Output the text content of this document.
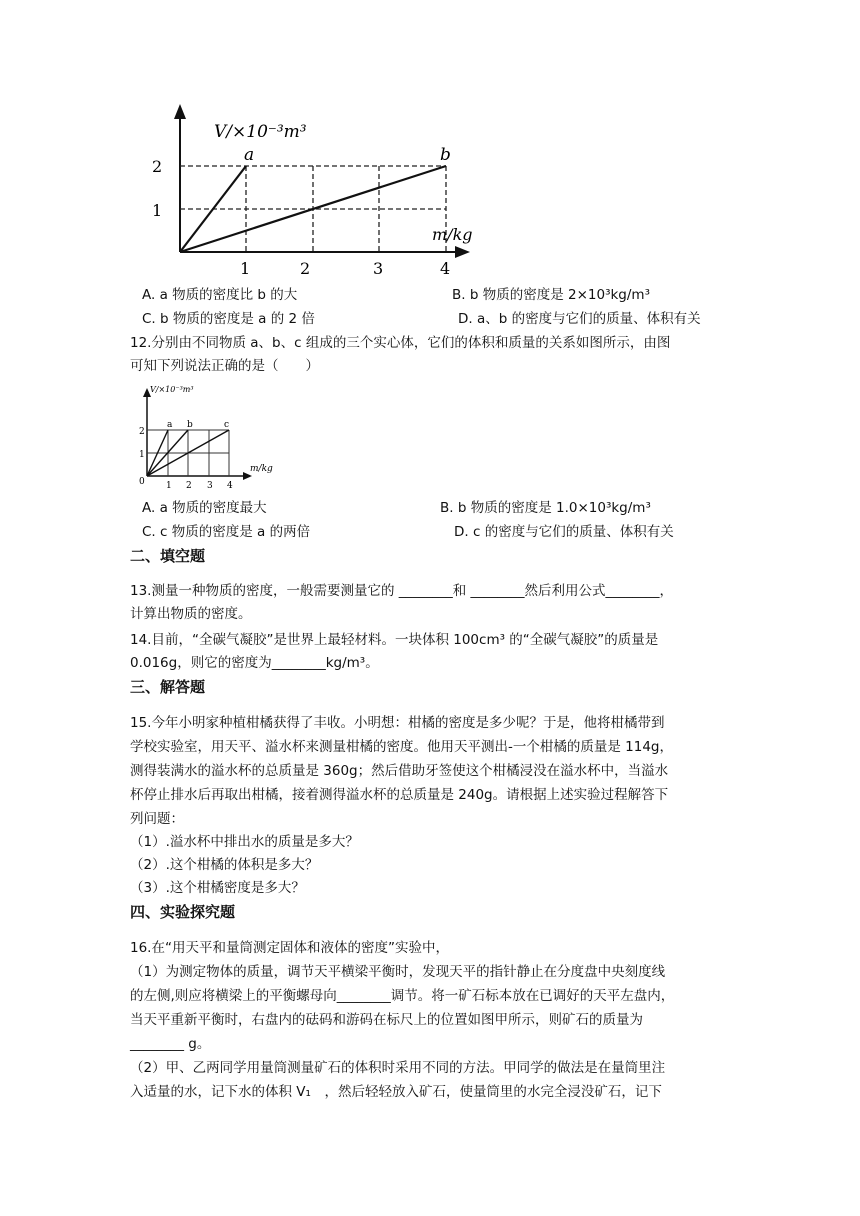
V/×10⁻³m³
m/kg
2
1
1	2	3	4
a	b
A. a 物质的密度比 b 的大	B. b 物质的密度是 2×10³kg/m³
C. b 物质的密度是 a 的 2 倍	D. a、b 的密度与它们的质量、体积有关
12.分别由不同物质 a、b、c 组成的三个实心体，它们的体积和质量的关系如图所示，由图
可知下列说法正确的是（　　）
V/×10⁻³m³
m/kg
2
1
0 1 2 3 4
a b	c
A. a 物质的密度最大	B. b 物质的密度是 1.0×10³kg/m³
C. c 物质的密度是 a 的两倍	D. c 的密度与它们的质量、体积有关
二、填空题
13.测量一种物质的密度，一般需要测量它的 ________和 ________然后利用公式________，
计算出物质的密度。
14.目前，“全碳气凝胶”是世界上最轻材料。一块体积 100cm³ 的“全碳气凝胶”的质量是
0.016g，则它的密度为________kg/m³。
三、解答题
15.今年小明家种植柑橘获得了丰收。小明想：柑橘的密度是多少呢？于是，他将柑橘带到
学校实验室，用天平、溢水杯来测量柑橘的密度。他用天平测出-一个柑橘的质量是 114g，
测得装满水的溢水杯的总质量是 360g；然后借助牙签使这个柑橘浸没在溢水杯中，当溢水
杯停止排水后再取出柑橘，接着测得溢水杯的总质量是 240g。请根据上述实验过程解答下
列问题：
（1）.溢水杯中排出水的质量是多大？
（2）.这个柑橘的体积是多大？
（3）.这个柑橘密度是多大？
四、实验探究题
16.在“用天平和量筒测定固体和液体的密度”实验中，
（1）为测定物体的质量，调节天平横梁平衡时，发现天平的指针静止在分度盘中央刻度线
的左侧,则应将横梁上的平衡螺母向________调节。将一矿石标本放在已调好的天平左盘内，
当天平重新平衡时，右盘内的砝码和游码在标尺上的位置如图甲所示，则矿石的质量为
________ g。
（2）甲、乙两同学用量筒测量矿石的体积时采用不同的方法。甲同学的做法是在量筒里注
入适量的水，记下水的体积 V₁　，然后轻轻放入矿石，使量筒里的水完全浸没矿石，记下
